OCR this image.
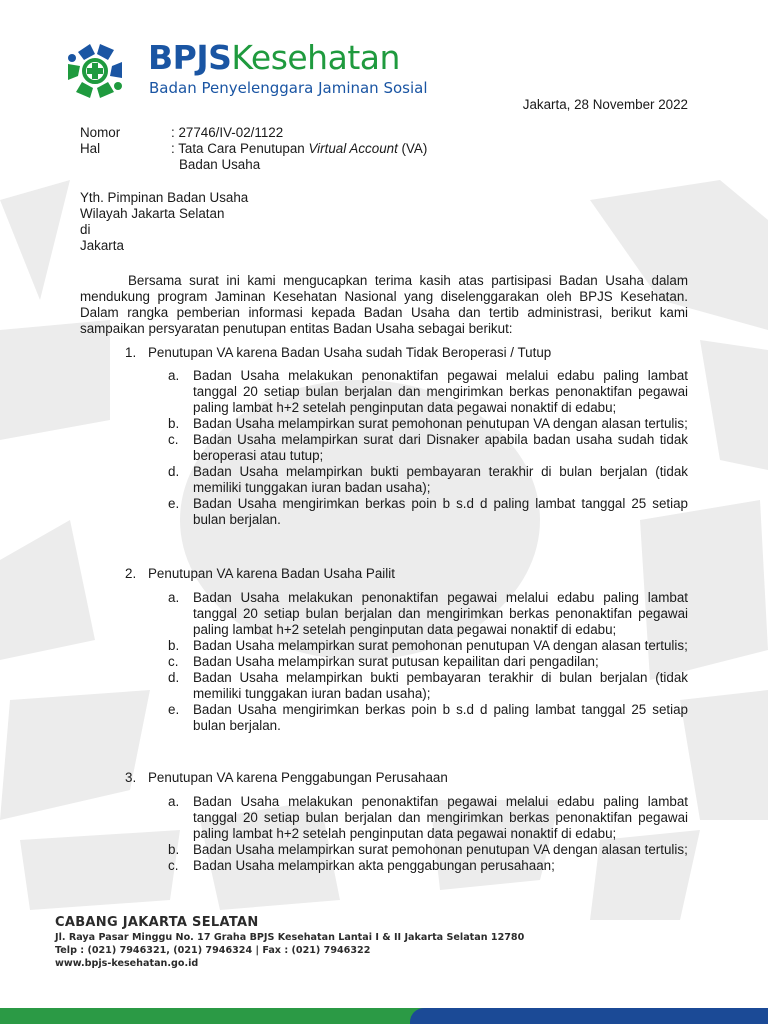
BPJSKesehatan
Badan Penyelenggara Jaminan Sosial
Jakarta, 28 November 2022
Nomor	: 27746/IV-02/1122
Hal	: Tata Cara Penutupan Virtual Account (VA)
Badan Usaha
Yth. Pimpinan Badan Usaha
Wilayah Jakarta Selatan
di
Jakarta

Bersama surat ini kami mengucapkan terima kasih atas partisipasi Badan Usaha dalam mendukung program Jaminan Kesehatan Nasional yang diselenggarakan oleh BPJS Kesehatan. Dalam rangka pemberian informasi kepada Badan Usaha dan tertib administrasi, berikut kami sampaikan persyaratan penutupan entitas Badan Usaha sebagai berikut:

1. Penutupan VA karena Badan Usaha sudah Tidak Beroperasi / Tutup
a.	Badan Usaha melakukan penonaktifan pegawai melalui edabu paling lambat tanggal 20 setiap bulan berjalan dan mengirimkan berkas penonaktifan pegawai paling lambat h+2 setelah penginputan data pegawai nonaktif di edabu;
b.	Badan Usaha melampirkan surat pemohonan penutupan VA dengan alasan tertulis;
c.	Badan Usaha melampirkan surat dari Disnaker apabila badan usaha sudah tidak beroperasi atau tutup;
d.	Badan Usaha melampirkan bukti pembayaran terakhir di bulan berjalan (tidak memiliki tunggakan iuran badan usaha);
e.	Badan Usaha mengirimkan berkas poin b s.d d paling lambat tanggal 25 setiap bulan berjalan.
2. Penutupan VA karena Badan Usaha Pailit
a.	Badan Usaha melakukan penonaktifan pegawai melalui edabu paling lambat tanggal 20 setiap bulan berjalan dan mengirimkan berkas penonaktifan pegawai paling lambat h+2 setelah penginputan data pegawai nonaktif di edabu;
b.	Badan Usaha melampirkan surat pemohonan penutupan VA dengan alasan tertulis;
c.	Badan Usaha melampirkan surat putusan kepailitan dari pengadilan;
d.	Badan Usaha melampirkan bukti pembayaran terakhir di bulan berjalan (tidak memiliki tunggakan iuran badan usaha);
e.	Badan Usaha mengirimkan berkas poin b s.d d paling lambat tanggal 25 setiap bulan berjalan.
3. Penutupan VA karena Penggabungan Perusahaan
a.	Badan Usaha melakukan penonaktifan pegawai melalui edabu paling lambat tanggal 20 setiap bulan berjalan dan mengirimkan berkas penonaktifan pegawai paling lambat h+2 setelah penginputan data pegawai nonaktif di edabu;
b.	Badan Usaha melampirkan surat pemohonan penutupan VA dengan alasan tertulis;
c.	Badan Usaha melampirkan akta penggabungan perusahaan;
CABANG JAKARTA SELATAN
Jl. Raya Pasar Minggu No. 17 Graha BPJS Kesehatan Lantai I & II Jakarta Selatan 12780
Telp : (021) 7946321, (021) 7946324 | Fax : (021) 7946322
www.bpjs-kesehatan.go.id
